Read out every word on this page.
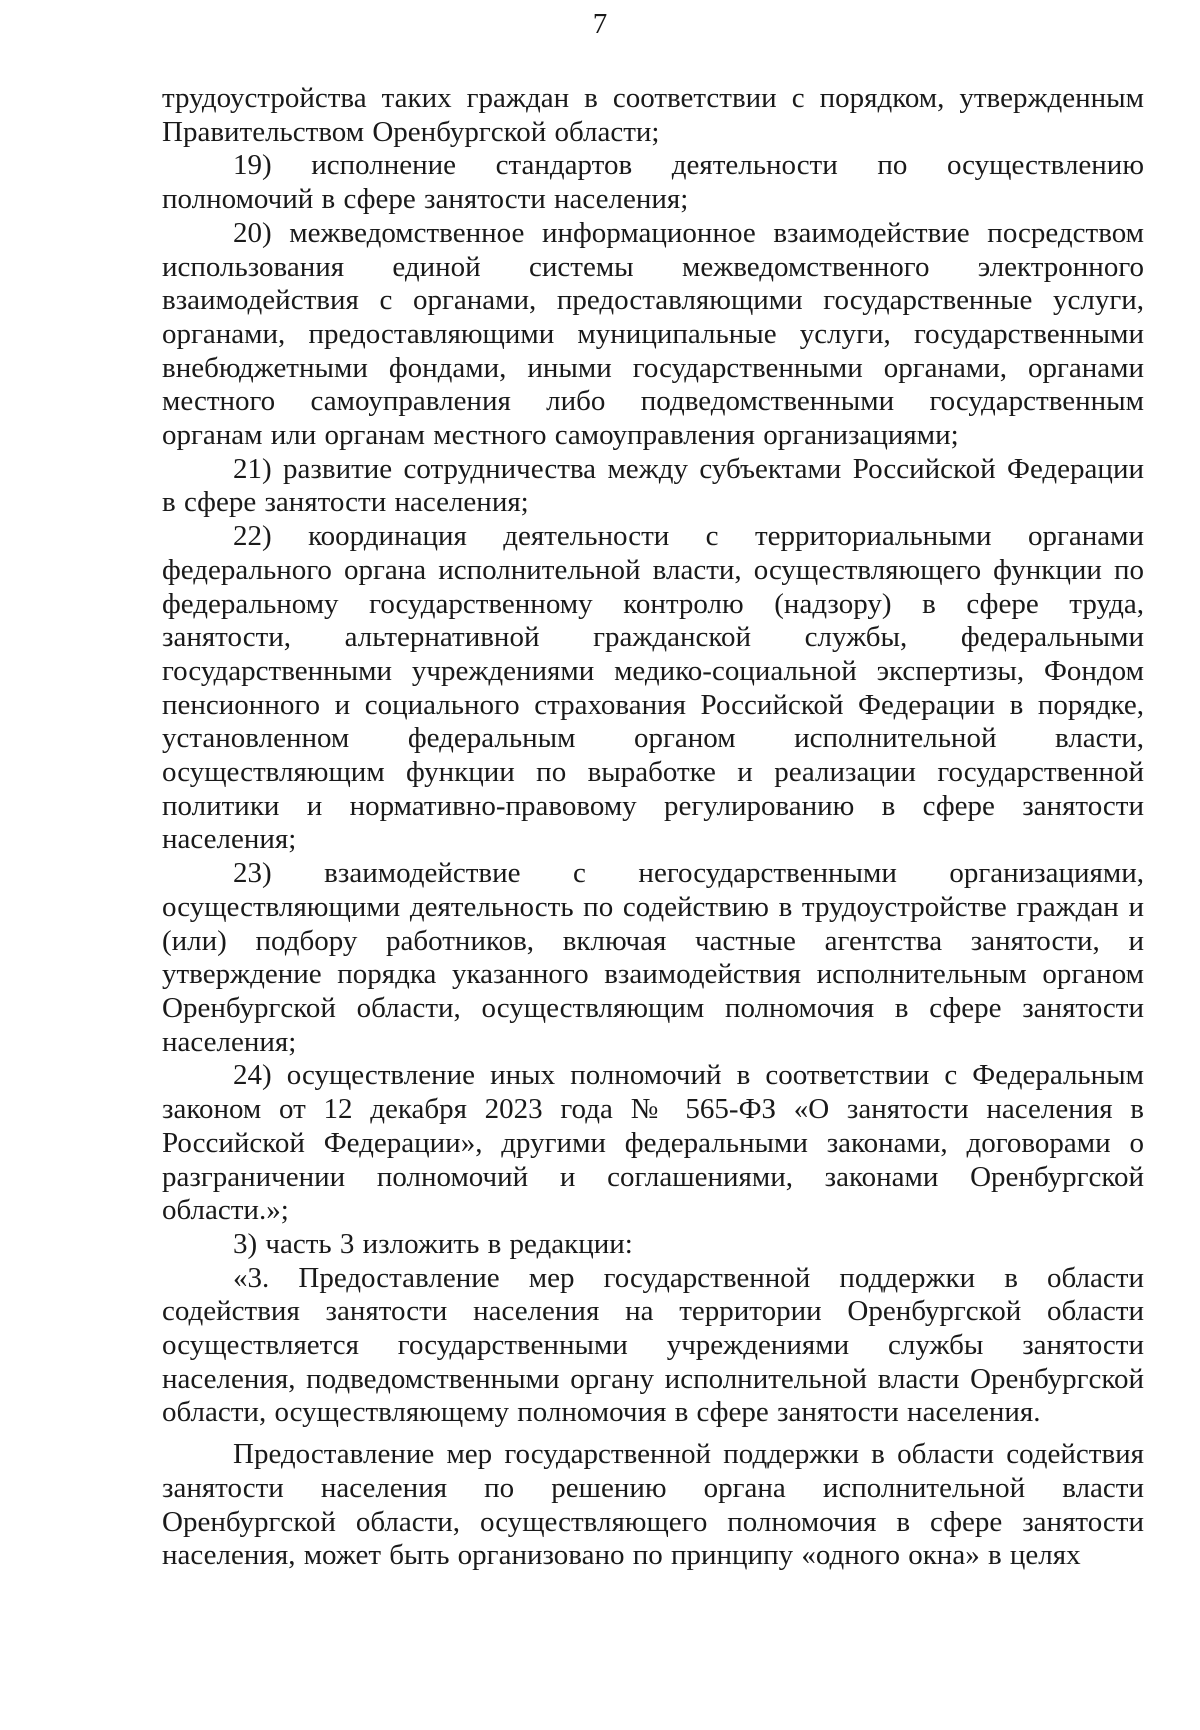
7

трудоустройства таких граждан в соответствии с порядком, утвержденным Правительством Оренбургской области;

19) исполнение стандартов деятельности по осуществлению полномочий в сфере занятости населения;

20) межведомственное информационное взаимодействие посредством использования единой системы межведомственного электронного взаимодействия с органами, предоставляющими государственные услуги, органами, предоставляющими муниципальные услуги, государственными внебюджетными фондами, иными государственными органами, органами местного самоуправления либо подведомственными государственным органам или органам местного самоуправления организациями;

21) развитие сотрудничества между субъектами Российской Федерации в сфере занятости населения;

22) координация деятельности с территориальными органами федерального органа исполнительной власти, осуществляющего функции по федеральному государственному контролю (надзору) в сфере труда, занятости, альтернативной гражданской службы, федеральными государственными учреждениями медико-социальной экспертизы, Фондом пенсионного и социального страхования Российской Федерации в порядке, установленном федеральным органом исполнительной власти, осуществляющим функции по выработке и реализации государственной политики и нормативно-правовому регулированию в сфере занятости населения;

23) взаимодействие с негосударственными организациями, осуществляющими деятельность по содействию в трудоустройстве граждан и (или) подбору работников, включая частные агентства занятости, и утверждение порядка указанного взаимодействия исполнительным органом Оренбургской области, осуществляющим полномочия в сфере занятости населения;

24) осуществление иных полномочий в соответствии с Федеральным законом от 12 декабря 2023 года № 565-ФЗ «О занятости населения в Российской Федерации», другими федеральными законами, договорами о разграничении полномочий и соглашениями, законами Оренбургской области.»;

3) часть 3 изложить в редакции:

«3. Предоставление мер государственной поддержки в области содействия занятости населения на территории Оренбургской области осуществляется государственными учреждениями службы занятости населения, подведомственными органу исполнительной власти Оренбургской области, осуществляющему полномочия в сфере занятости населения.

Предоставление мер государственной поддержки в области содействия занятости населения по решению органа исполнительной власти Оренбургской области, осуществляющего полномочия в сфере занятости населения, может быть организовано по принципу «одного окна» в целях
